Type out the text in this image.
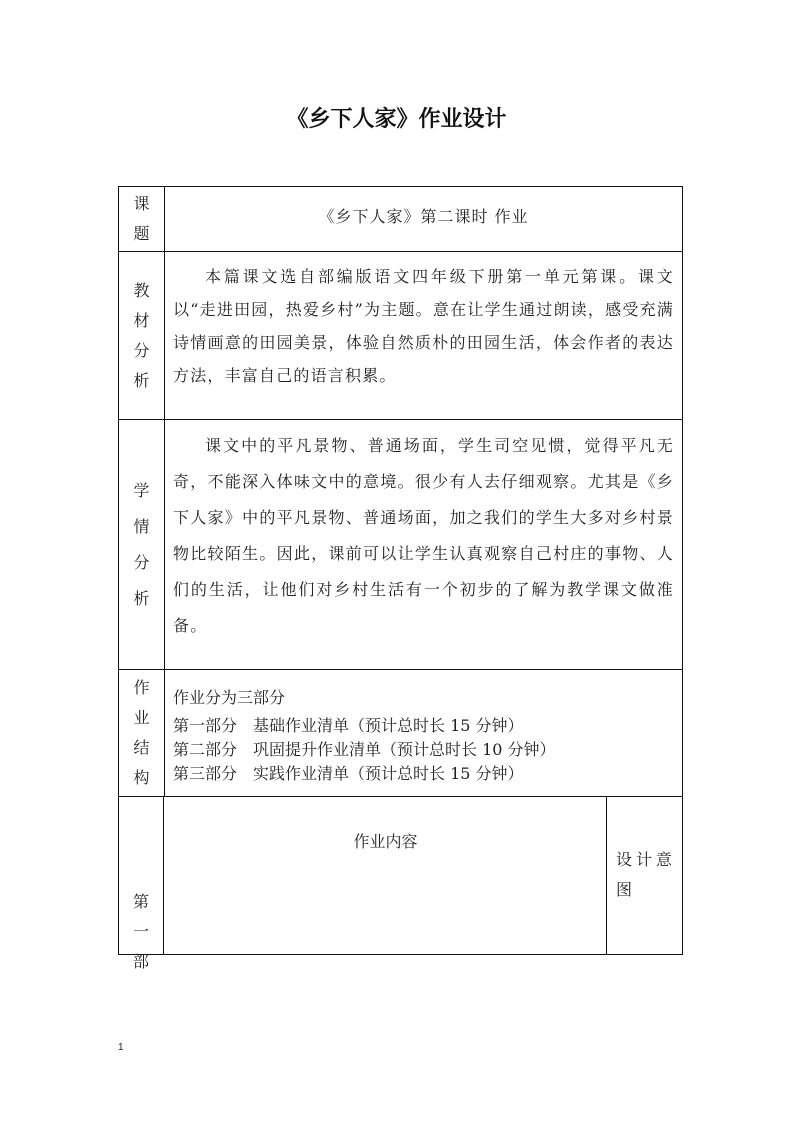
《乡下人家》作业设计
课
题
《乡下人家》第二课时 作业
教
材
分
析
本篇课文选自部编版语文四年级下册第一单元第课。课文以“走进田园，热爱乡村”为主题。意在让学生通过朗读，感受充满诗情画意的田园美景，体验自然质朴的田园生活，体会作者的表达方法，丰富自己的语言积累。
学
情
分
析
课文中的平凡景物、普通场面，学生司空见惯，觉得平凡无奇，不能深入体味文中的意境。很少有人去仔细观察。尤其是《乡下人家》中的平凡景物、普通场面，加之我们的学生大多对乡村景物比较陌生。因此，课前可以让学生认真观察自己村庄的事物、人们的生活，让他们对乡村生活有一个初步的了解为教学课文做准备。
作
业
结
构
作业分为三部分
第一部分　基础作业清单（预计总时长 15 分钟）
第二部分　巩固提升作业清单（预计总时长 10 分钟）
第三部分　实践作业清单（预计总时长 15 分钟）
第
一
部
作业内容
设计意图
1
